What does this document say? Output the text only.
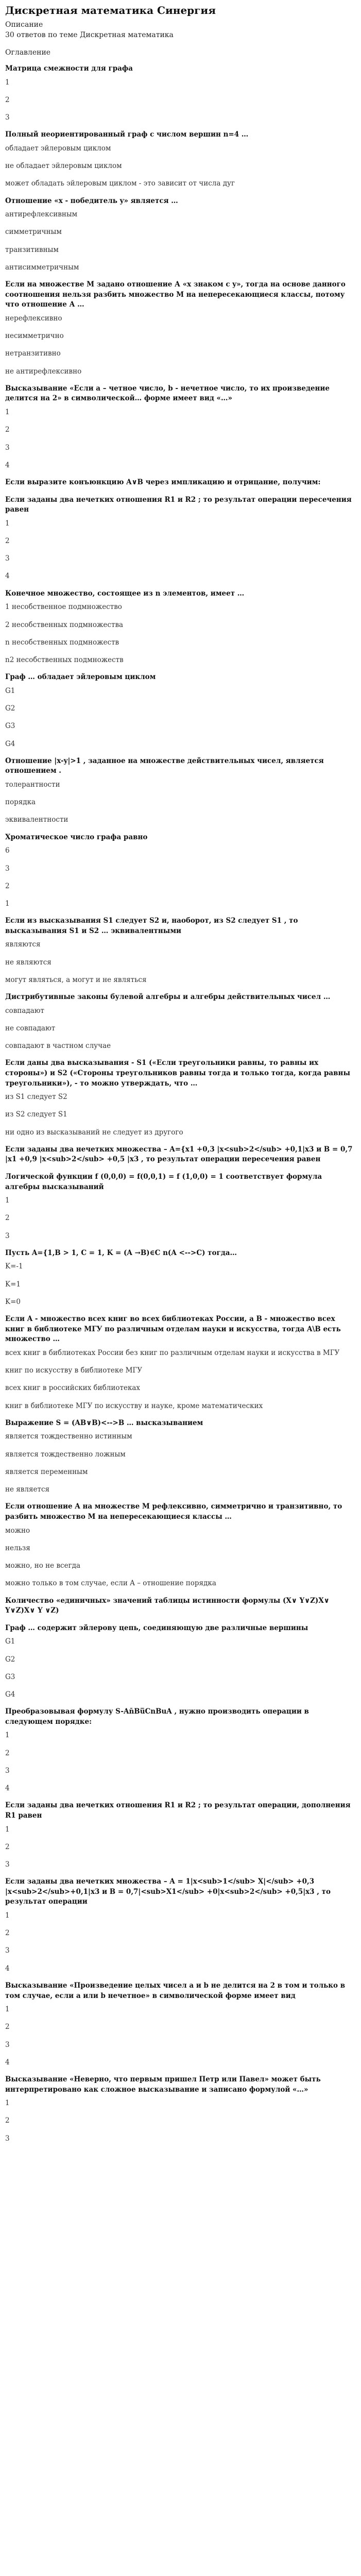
Дискретная математика Синергия
Описание
30 ответов по теме Дискретная математика
Оглавление
Матрица смежности для графа
1
2
3
Полный неориентированный граф с числом вершин n=4 …
обладает эйлеровым циклом
не обладает эйлеровым циклом
может обладать эйлеровым циклом - это зависит от числа дуг
Отношение «x - победитель y» является …
антирефлексивным
симметричным
транзитивным
антисимметричным
Если на множестве М задано отношение А «x знаком c y», тогда на основе данного соотношения нельзя разбить множество М на непересекающиеся классы, потому что отношение А …
нерефлексивно
несимметрично
нетранзитивно
не антирефлексивно
Высказывание «Если a – четное число, b - нечетное число, то их произведение делится на 2» в символической… форме имеет вид «…»
1
2
3
4
Если выразите конъюнкцию A∨B через импликацию и отрицание, получим:
Если заданы два нечетких отношения R1 и R2 ; то результат операции пересечения равен
1
2
3
4
Конечное множество, состоящее из n элементов, имеет …
1 несобственное подмножество
2 несобственных подмножества
n несобственных подмножеств
n2 несобственных подмножеств
Граф … обладает эйлеровым циклом
G1
G2
G3
G4
Отношение |x-y|>1 , заданное на множестве действительных чисел, является отношением .
толерантности
порядка
эквивалентности
Хроматическое число графа равно
6
3
2
1
Если из высказывания S1 следует S2 и, наоборот, из S2 следует S1 , то высказывания S1 и S2 … эквивалентными
являются
не являются
могут являться, а могут и не являться
Дистрибутивные законы булевой алгебры и алгебры действительных чисел …
совпадают
не совпадают
совпадают в частном случае
Если даны два высказывания - S1 («Если треугольники равны, то равны их стороны») и S2 («Стороны треугольников равны тогда и только тогда, когда равны треугольники»), - то можно утверждать, что …
из S1 следует S2
из S2 следует S1
ни одно из высказываний не следует из другого
Если заданы два нечетких множества – A={x1 +0,3 |x<sub>2</sub> +0,1|x3 и B = 0,7 |x1 +0,9 |x<sub>2</sub> +0,5 |x3 , то результат операции пересечения равен
Логической функции f (0,0,0) = f(0,0,1) = f (1,0,0) = 1 соответствует формула алгебры высказываний
1
2
3
Пусть A={1,B > 1, C = 1, K = (A →B)∈C n(A <-->C) тогда…
K=-1
K=1
K=0
Если A - множество всех книг во всех библиотеках России, а B - множество всех книг в библиотеке МГУ по различным отделам науки и искусства, тогда A\B есть множество …
всех книг в библиотеках России без книг по различным отделам науки и искусства в МГУ
книг по искусству в библиотеке МГУ
всех книг в российских библиотеках
книг в библиотеке МГУ по искусству и науке, кроме математических
Выражение S = (AB∨B)<-->B … высказыванием
является тождественно истинным
является тождественно ложным
является переменным
не является
Если отношение A на множестве M рефлексивно, симметрично и транзитивно, то разбить множество M на непересекающиеся классы …
можно
нельзя
можно, но не всегда
можно только в том случае, если A – отношение порядка
Количество «единичных» значений таблицы истинности формулы (X∨ Y∨Z)X∨ Y∨Z)X∨ Y ∨Z)
Граф … содержит эйлерову цепь, соединяющую две различные вершины
G1
G2
G3
G4
Преобразовывая формулу S-An̄Bu̅CnBuA , нужно производить операции в следующем порядке:
1
2
3
4
Если заданы два нечетких отношения R1 и R2 ; то результат операции, дополнения R1 равен
1
2
3
Если заданы два нечетких множества – A = 1|x<sub>1</sub> X|</sub> +0,3 |x<sub>2</sub>+0,1|x3 и B = 0,7|<sub>X1</sub> +0|x<sub>2</sub> +0,5|x3 , то результат операции
1
2
3
4
Высказывание «Произведение целых чисел a и b не делится на 2 в том и только в том случае, если a или b нечетное» в символической форме имеет вид
1
2
3
4
Высказывание «Неверно, что первым пришел Петр или Павел» может быть интерпретировано как сложное высказывание и записано формулой «…»
1
2
3
